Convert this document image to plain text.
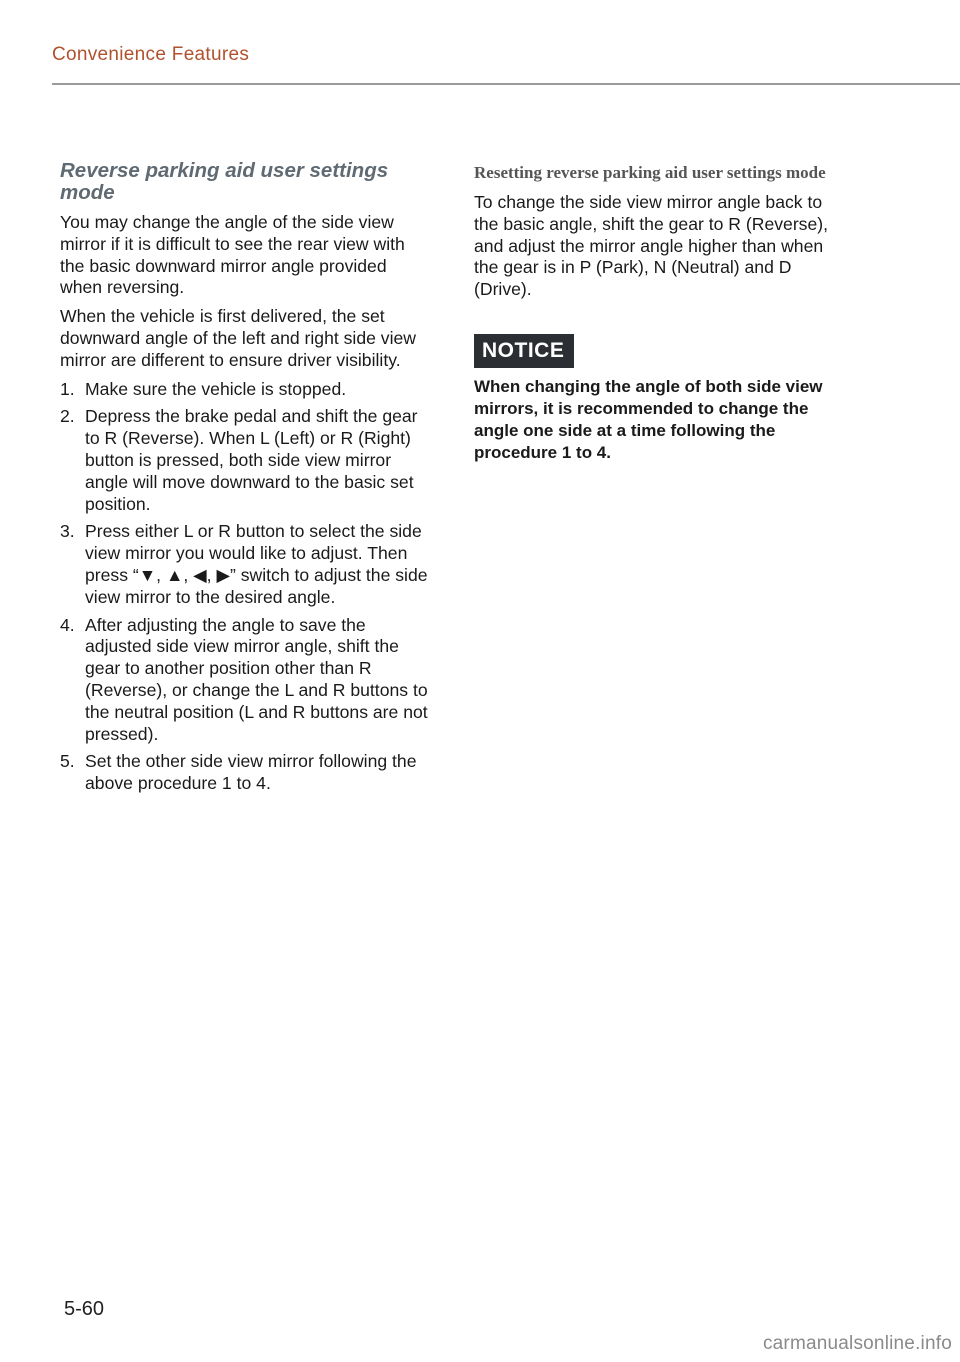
Convenience Features
Reverse parking aid user settings mode

You may change the angle of the side view mirror if it is difficult to see the rear view with the basic downward mirror angle provided when reversing.

When the vehicle is first delivered, the set downward angle of the left and right side view mirror are different to ensure driver visibility.

1. Make sure the vehicle is stopped.
2. Depress the brake pedal and shift the gear to R (Reverse). When L (Left) or R (Right) button is pressed, both side view mirror angle will move downward to the basic set position.
3. Press either L or R button to select the side view mirror you would like to adjust. Then press “▼, ▲, ◀, ▶” switch to adjust the side view mirror to the desired angle.
4. After adjusting the angle to save the adjusted side view mirror angle, shift the gear to another position other than R (Reverse), or change the L and R buttons to the neutral position (L and R buttons are not pressed).
5. Set the other side view mirror following the above procedure 1 to 4.
Resetting reverse parking aid user settings mode

To change the side view mirror angle back to the basic angle, shift the gear to R (Reverse), and adjust the mirror angle higher than when the gear is in P (Park), N (Neutral) and D (Drive).

NOTICE

When changing the angle of both side view mirrors, it is recommended to change the angle one side at a time following the procedure 1 to 4.

5-60
carmanualsonline.info
